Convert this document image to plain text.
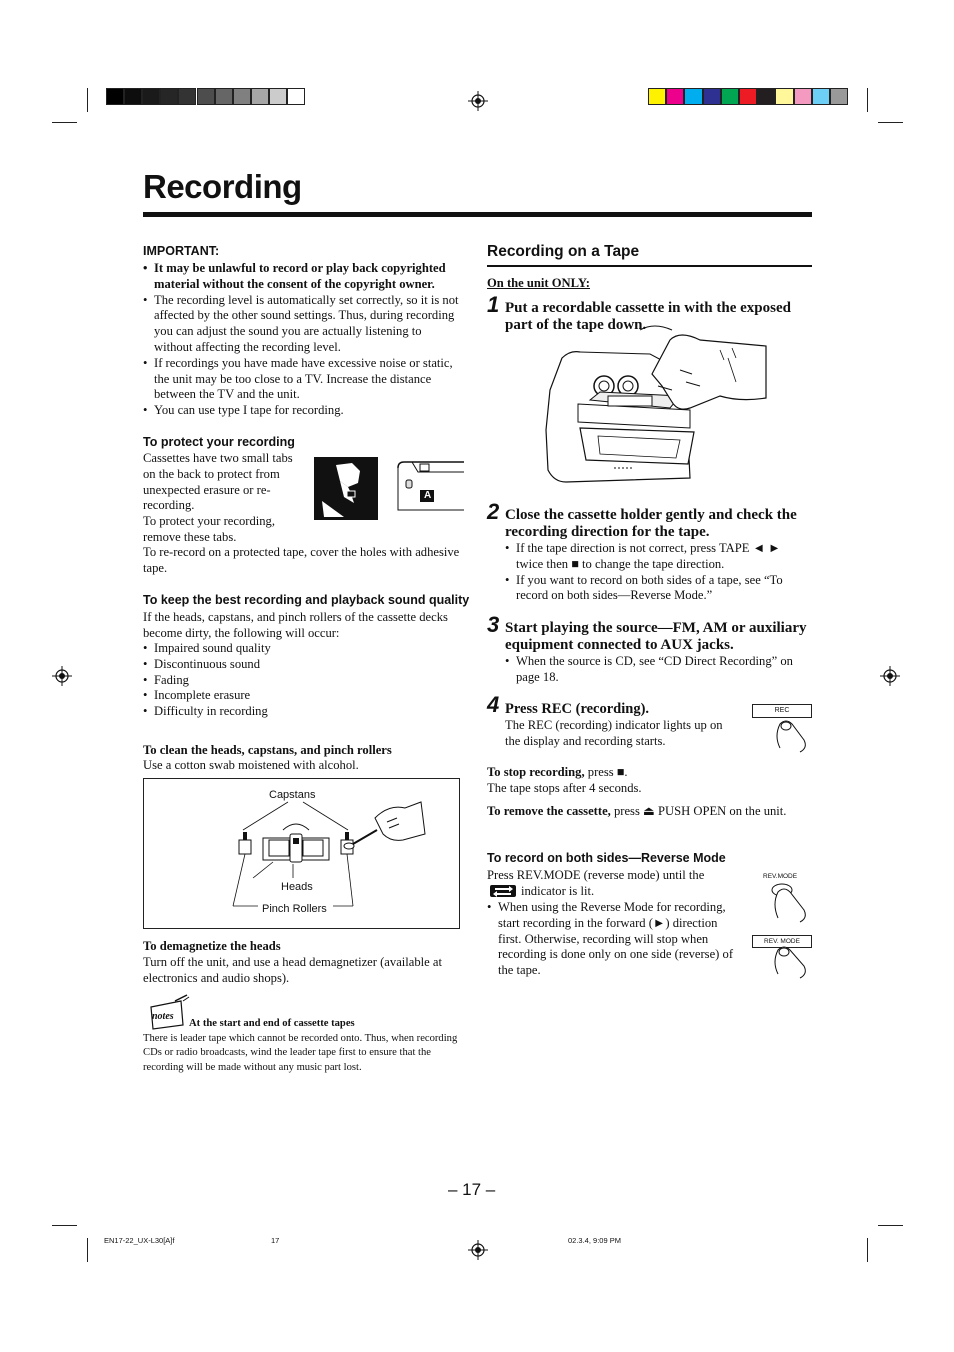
Recording
IMPORTANT:
• It may be unlawful to record or play back copyrighted material without the consent of the copyright owner.
• The recording level is automatically set correctly, so it is not affected by the other sound settings. Thus, during recording you can adjust the sound you are actually listening to without affecting the recording level.
• If recordings you have made have excessive noise or static, the unit may be too close to a TV. Increase the distance between the TV and the unit.
• You can use type I tape for recording.
To protect your recording
Cassettes have two small tabs on the back to protect from unexpected erasure or re-recording.
To protect your recording, remove these tabs.
To re-record on a protected tape, cover the holes with adhesive tape.
A
To keep the best recording and playback sound quality
If the heads, capstans, and pinch rollers of the cassette decks become dirty, the following will occur:
• Impaired sound quality
• Discontinuous sound
• Fading
• Incomplete erasure
• Difficulty in recording
To clean the heads, capstans, and pinch rollers
Use a cotton swab moistened with alcohol.
Capstans
Heads
Pinch Rollers
To demagnetize the heads
Turn off the unit, and use a head demagnetizer (available at electronics and audio shops).
notes
At the start and end of cassette tapes
There is leader tape which cannot be recorded onto. Thus, when recording CDs or radio broadcasts, wind the leader tape first to ensure that the recording will be made without any music part lost.
Recording on a Tape
On the unit ONLY:
1 Put a recordable cassette in with the exposed part of the tape down.
2 Close the cassette holder gently and check the recording direction for the tape.
• If the tape direction is not correct, press TAPE ◄ ► twice then ■ to change the tape direction.
• If you want to record on both sides of a tape, see “To record on both sides—Reverse Mode.”
3 Start playing the source—FM, AM or auxiliary equipment connected to AUX jacks.
• When the source is CD, see “CD Direct Recording” on page 18.
4 Press REC (recording).
The REC (recording) indicator lights up on the display and recording starts.
REC
To stop recording, press ■.
The tape stops after 4 seconds.
To remove the cassette, press ⏏ PUSH OPEN on the unit.
To record on both sides—Reverse Mode
Press REV.MODE (reverse mode) until the
indicator is lit.
• When using the Reverse Mode for recording, start recording in the forward (►) direction first. Otherwise, recording will stop when recording is done only on one side (reverse) of the tape.
REV.MODE
REV. MODE
– 17 –
EN17-22_UX-L30[A]f	17	02.3.4, 9:09 PM
